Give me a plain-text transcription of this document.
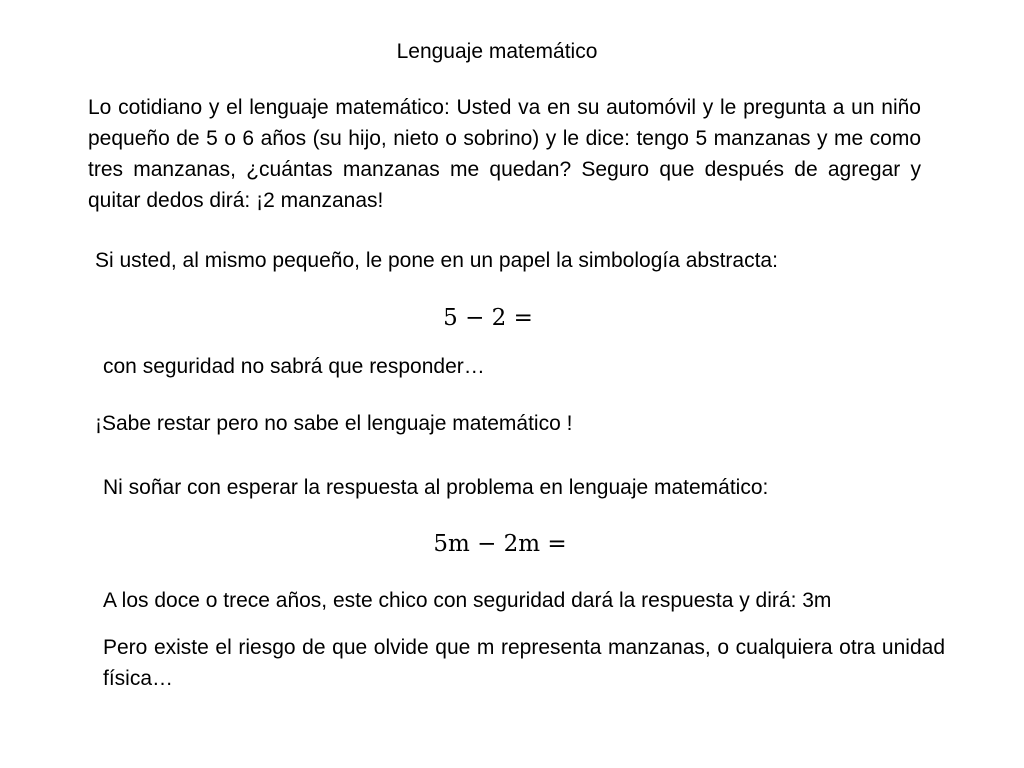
Lenguaje matemático

Lo cotidiano y el lenguaje matemático: Usted va en su automóvil y le pregunta a un niño pequeño de 5 o 6 años (su hijo, nieto o sobrino) y le dice: tengo 5 manzanas y me como tres manzanas, ¿cuántas manzanas me quedan? Seguro que después de agregar y quitar dedos dirá: ¡2 manzanas!

Si usted, al mismo pequeño, le pone en un papel la simbología abstracta:

5 − 2 =

con seguridad no sabrá que responder…

¡Sabe restar pero no sabe el lenguaje matemático !

Ni soñar con esperar la respuesta al problema en lenguaje matemático:

5m − 2m =

A los doce o trece años, este chico con seguridad dará la respuesta y dirá: 3m

Pero existe el riesgo de que olvide que m representa manzanas, o cualquiera otra unidad física…
